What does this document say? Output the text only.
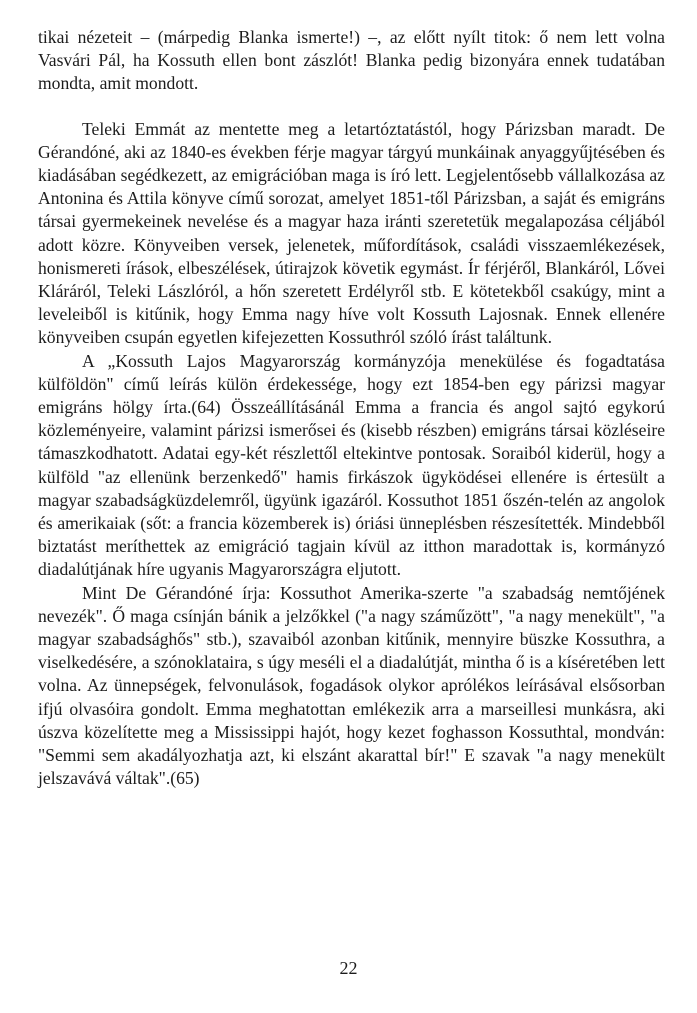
tikai nézeteit – (márpedig Blanka ismerte!) –, az előtt nyílt titok: ő nem lett volna Vasvári Pál, ha Kossuth ellen bont zászlót! Blanka pedig bizonyára ennek tudatában mondta, amit mondott.

Teleki Emmát az mentette meg a letartóztatástól, hogy Párizsban maradt. De Gérandóné, aki az 1840-es években férje magyar tárgyú munkáinak anyaggyűjtésében és kiadásában segédkezett, az emigrációban maga is író lett. Legjelentősebb vállalkozása az Antonina és Attila könyve című sorozat, amelyet 1851-től Párizsban, a saját és emigráns társai gyermekeinek nevelése és a magyar haza iránti szeretetük megalapozása céljából adott közre. Könyveiben versek, jelenetek, műfordítások, családi visszaemlékezések, honismereti írások, elbeszélések, útirajzok követik egymást. Ír férjéről, Blankáról, Lővei Kláráról, Teleki Lászlóról, a hőn szeretett Erdélyről stb. E kötetekből csakúgy, mint a leveleiből is kitűnik, hogy Emma nagy híve volt Kossuth Lajosnak. Ennek ellenére könyveiben csupán egyetlen kifejezetten Kossuthról szóló írást találtunk.

A „Kossuth Lajos Magyarország kormányzója menekülése és fogadtatása külföldön" című leírás külön érdekessége, hogy ezt 1854-ben egy párizsi magyar emigráns hölgy írta.(64) Összeállításánál Emma a francia és angol sajtó egykorú közleményeire, valamint párizsi ismerősei és (kisebb részben) emigráns társai közléseire támaszkodhatott. Adatai egy-két részlettől eltekintve pontosak. Soraiból kiderül, hogy a külföld "az ellenünk berzenkedő" hamis firkászok ügyködései ellenére is értesült a magyar szabadságküzdelemről, ügyünk igazáról. Kossuthot 1851 őszén-telén az angolok és amerikaiak (sőt: a francia közemberek is) óriási ünneplésben részesítették. Mindebből biztatást meríthettek az emigráció tagjain kívül az itthon maradottak is, kormányzó diadalútjának híre ugyanis Magyarországra eljutott.

Mint De Gérandóné írja: Kossuthot Amerika-szerte "a szabadság nemtőjének nevezék". Ő maga csínján bánik a jelzőkkel ("a nagy száműzött", "a nagy menekült", "a magyar szabadsághős" stb.), szavaiból azonban kitűnik, mennyire büszke Kossuthra, a viselkedésére, a szónoklataira, s úgy meséli el a diadalútját, mintha ő is a kíséretében lett volna. Az ünnepségek, felvonulások, fogadások olykor aprólékos leírásával elsősorban ifjú olvasóira gondolt. Emma meghatottan emlékezik arra a marseillesi munkásra, aki úszva közelítette meg a Mississippi hajót, hogy kezet foghasson Kossuthtal, mondván: "Semmi sem akadályozhatja azt, ki elszánt akarattal bír!" E szavak "a nagy menekült jelszavává váltak".(65)

22
